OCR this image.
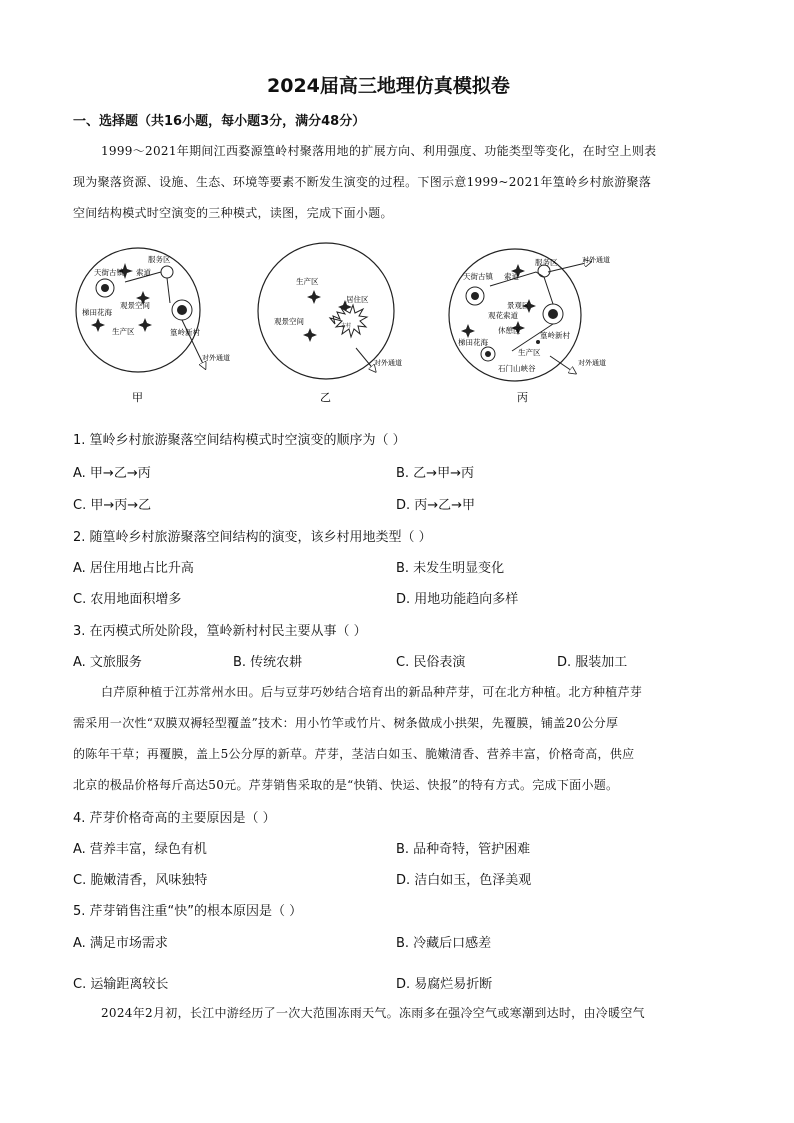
2024届高三地理仿真模拟卷
一、选择题（共16小题，每小题3分，满分48分）
1999～2021年期间江西婺源篁岭村聚落用地的扩展方向、利用强度、功能类型等变化，在时空上则表
现为聚落资源、设施、生态、环境等要素不断发生演变的过程。下图示意1999~2021年篁岭乡村旅游聚落
空间结构模式时空演变的三种模式，读图，完成下面小题。
服务区
天街古镇 索道
观景空间
梯田花海
生产区	篁岭新村
对外通道
甲
生产区
居住区
观景空间	古村
对外通道
乙
服务区
天街古镇 索道
景观区
观花索道
休憩区
篁岭新村
梯田花海
生产区
石门山峡谷
对外通道
对外通道
丙
1. 篁岭乡村旅游聚落空间结构模式时空演变的顺序为（ ）
A. 甲→乙→丙	B. 乙→甲→丙
C. 甲→丙→乙	D. 丙→乙→甲
2. 随篁岭乡村旅游聚落空间结构的演变，该乡村用地类型（ ）
A. 居住用地占比升高	B. 未发生明显变化
C. 农用地面积增多	D. 用地功能趋向多样
3. 在丙模式所处阶段，篁岭新村村民主要从事（ ）
A. 文旅服务	B. 传统农耕	C. 民俗表演	D. 服装加工
白芹原种植于江苏常州水田。后与豆芽巧妙结合培育出的新品种芹芽，可在北方种植。北方种植芹芽
需采用一次性“双膜双褥轻型覆盖”技术：用小竹竿或竹片、树条做成小拱架，先覆膜，铺盖20公分厚
的陈年干草；再覆膜，盖上5公分厚的新草。芹芽，茎洁白如玉、脆嫩清香、营养丰富，价格奇高，供应
北京的极品价格每斤高达50元。芹芽销售采取的是“快销、快运、快报”的特有方式。完成下面小题。
4. 芹芽价格奇高的主要原因是（ ）
A. 营养丰富，绿色有机	B. 品种奇特，管护困难
C. 脆嫩清香，风味独特	D. 洁白如玉，色泽美观
5. 芹芽销售注重“快”的根本原因是（ ）
A. 满足市场需求	B. 冷藏后口感差
C. 运输距离较长	D. 易腐烂易折断
2024年2月初，长江中游经历了一次大范围冻雨天气。冻雨多在强冷空气或寒潮到达时，由冷暖空气
